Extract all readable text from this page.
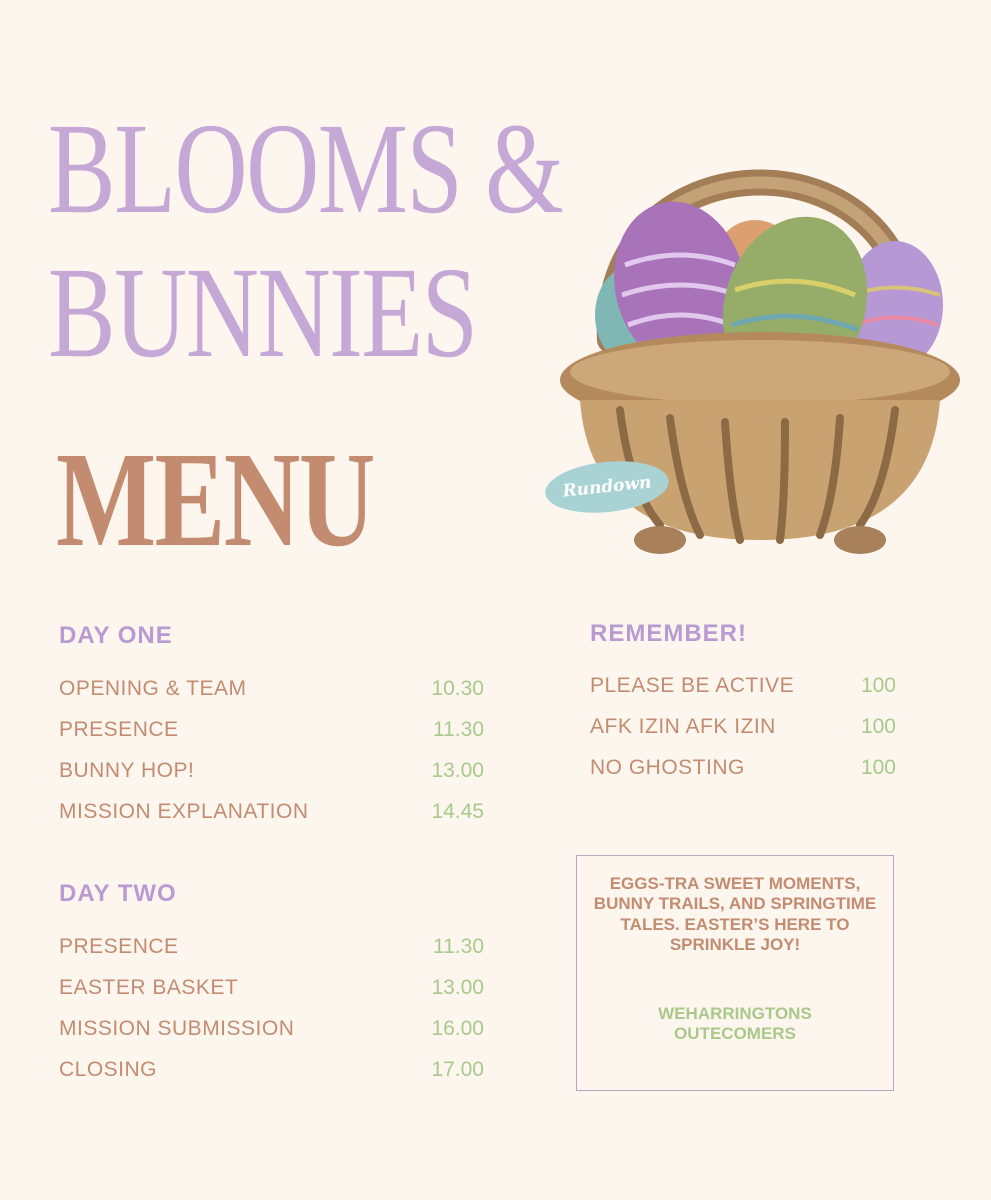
BLOOMS &
BUNNIES
MENU	Rundown
DAY ONE
OPENING & TEAM	10.30
PRESENCE	11.30
BUNNY HOP!	13.00
MISSION EXPLANATION	14.45
DAY TWO
PRESENCE	11.30
EASTER BASKET	13.00
MISSION SUBMISSION	16.00
CLOSING	17.00
REMEMBER!
PLEASE BE ACTIVE	100
AFK IZIN AFK IZIN	100
NO GHOSTING	100

EGGS-TRA SWEET MOMENTS, BUNNY TRAILS, AND SPRINGTIME TALES. EASTER’S HERE TO SPRINKLE JOY!

WEHARRINGTONS
OUTECOMERS
